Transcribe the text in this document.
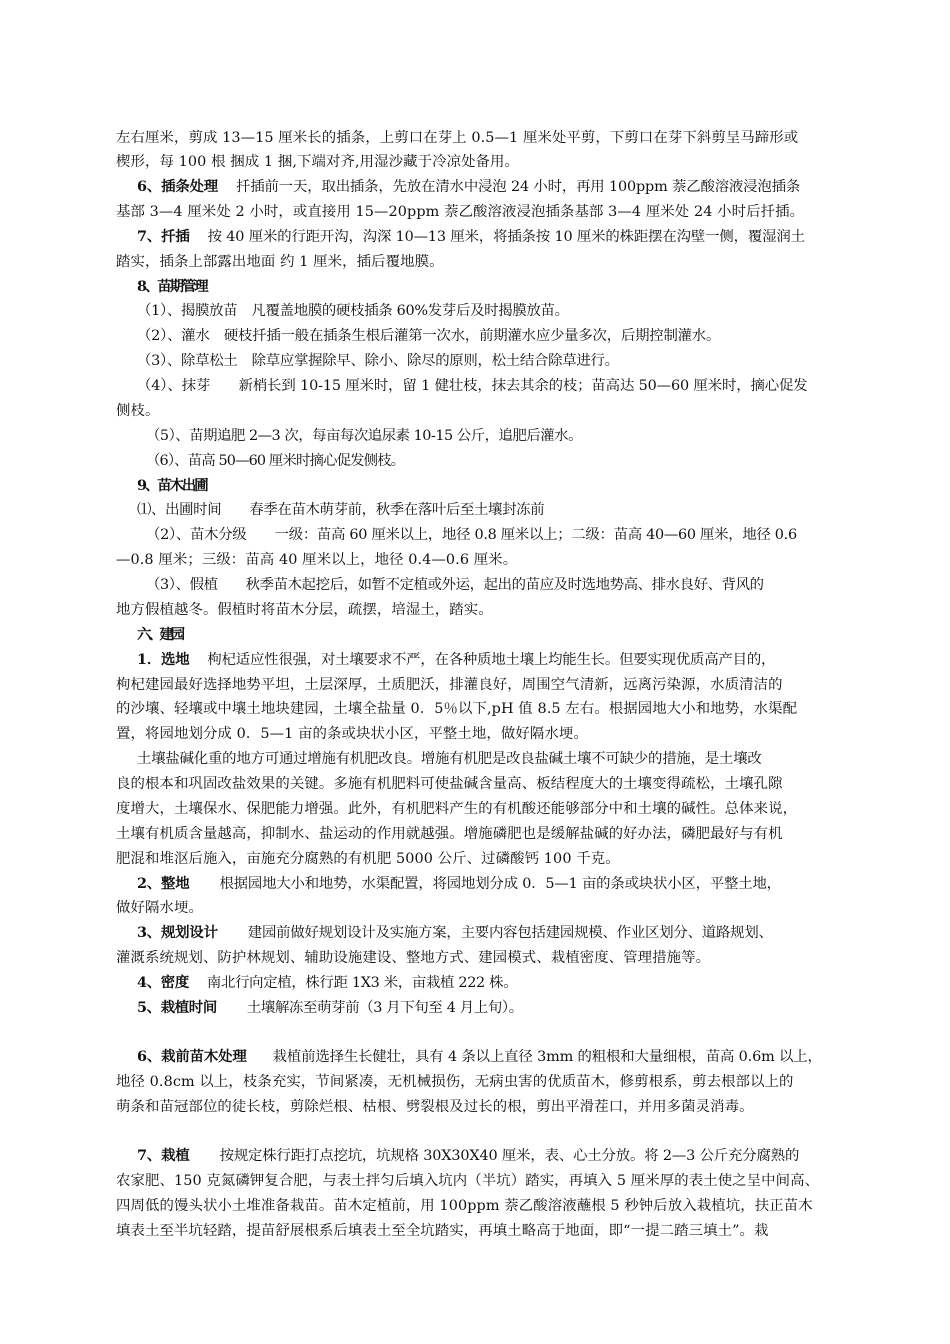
左右厘米，剪成 13—15 厘米长的插条，上剪口在芽上 0.5—1 厘米处平剪，下剪口在芽下斜剪呈马蹄形或
楔形，每 100 根 捆成 1 捆,下端对齐,用湿沙藏于冷凉处备用。
6、插条处理 扦插前一天，取出插条，先放在清水中浸泡 24 小时，再用 100ppm 萘乙酸溶液浸泡插条
基部 3—4 厘米处 2 小时，或直接用 15—20ppm 萘乙酸溶液浸泡插条基部 3—4 厘米处 24 小时后扦插。
7、扦插 按 40 厘米的行距开沟，沟深 10—13 厘米，将插条按 10 厘米的株距摆在沟壁一侧，覆湿润土
踏实，插条上部露出地面 约 1 厘米，插后覆地膜。
8、苗期管理
（1）、揭膜放苗　凡覆盖地膜的硬枝插条 60%发芽后及时揭膜放苗。
（2）、灌水　硬枝扦插一般在插条生根后灌第一次水，前期灌水应少量多次，后期控制灌水。
（3）、除草松土　除草应掌握除早、除小、除尽的原则，松土结合除草进行。
（4）、抹芽　　新梢长到 10-15 厘米时，留 1 健壮枝，抹去其余的枝；苗高达 50—60 厘米时，摘心促发
侧枝。
（5）、苗期追肥 2—3 次，每亩每次追尿素 10-15 公斤，追肥后灌水。
（6）、苗高 50—60 厘米时摘心促发侧枝。
9、苗木出圃
⑴、出圃时间　　春季在苗木萌芽前，秋季在落叶后至土壤封冻前
（2）、苗木分级　　一级：苗高 60 厘米以上，地径 0.8 厘米以上；二级：苗高 40—60 厘米，地径 0.6
—0.8 厘米；三级：苗高 40 厘米以上，地径 0.4—0.6 厘米。
（3）、假植　　秋季苗木起挖后，如暂不定植或外运，起出的苗应及时选地势高、排水良好、背风的
地方假植越冬。假植时将苗木分层，疏摆，培湿土，踏实。
六、建园
1．选地 枸杞适应性很强，对土壤要求不严，在各种质地土壤上均能生长。但要实现优质高产目的，
枸杞建园最好选择地势平坦，土层深厚，土质肥沃，排灌良好，周围空气清新，远离污染源，水质清洁的
的沙壤、轻壤或中壤土地块建园，土壤全盐量 0．5％以下,pH 值 8.5 左右。根据园地大小和地势，水渠配
置，将园地划分成 0．5—1 亩的条或块状小区，平整土地，做好隔水埂。
土壤盐碱化重的地方可通过增施有机肥改良。增施有机肥是改良盐碱土壤不可缺少的措施，是土壤改
良的根本和巩固改盐效果的关键。多施有机肥料可使盐碱含量高、板结程度大的土壤变得疏松，土壤孔隙
度增大，土壤保水、保肥能力增强。此外，有机肥料产生的有机酸还能够部分中和土壤的碱性。总体来说，
土壤有机质含量越高，抑制水、盐运动的作用就越强。增施磷肥也是缓解盐碱的好办法，磷肥最好与有机
肥混和堆沤后施入，亩施充分腐熟的有机肥 5000 公斤、过磷酸钙 100 千克。
2、整地 根据园地大小和地势，水渠配置，将园地划分成 0．5—1 亩的条或块状小区，平整土地，
做好隔水埂。
3、规划设计 建园前做好规划设计及实施方案，主要内容包括建园规模、作业区划分、道路规划、
灌溉系统规划、防护林规划、辅助设施建设、整地方式、建园模式、栽植密度、管理措施等。
4、密度 南北行向定植，株行距 1X3 米，亩栽植 222 株。
5、栽植时间 土壤解冻至萌芽前（3 月下旬至 4 月上旬）。
6、栽前苗木处理 栽植前选择生长健壮，具有 4 条以上直径 3mm 的粗根和大量细根，苗高 0.6m 以上，
地径 0.8cm 以上，枝条充实，节间紧凑，无机械损伤，无病虫害的优质苗木，修剪根系，剪去根部以上的
萌条和苗冠部位的徒长枝，剪除烂根、枯根、劈裂根及过长的根，剪出平滑茬口，并用多菌灵消毒。
7、栽植 按规定株行距打点挖坑，坑规格 30X30X40 厘米，表、心土分放。将 2—3 公斤充分腐熟的
农家肥、150 克氮磷钾复合肥，与表土拌匀后填入坑内（半坑）踏实，再填入 5 厘米厚的表土使之呈中间高、
四周低的馒头状小土堆准备栽苗。苗木定植前，用 100ppm 萘乙酸溶液蘸根 5 秒钟后放入栽植坑，扶正苗木
填表土至半坑轻踏，提苗舒展根系后填表土至全坑踏实，再填土略高于地面，即“一提二踏三填土”。栽
